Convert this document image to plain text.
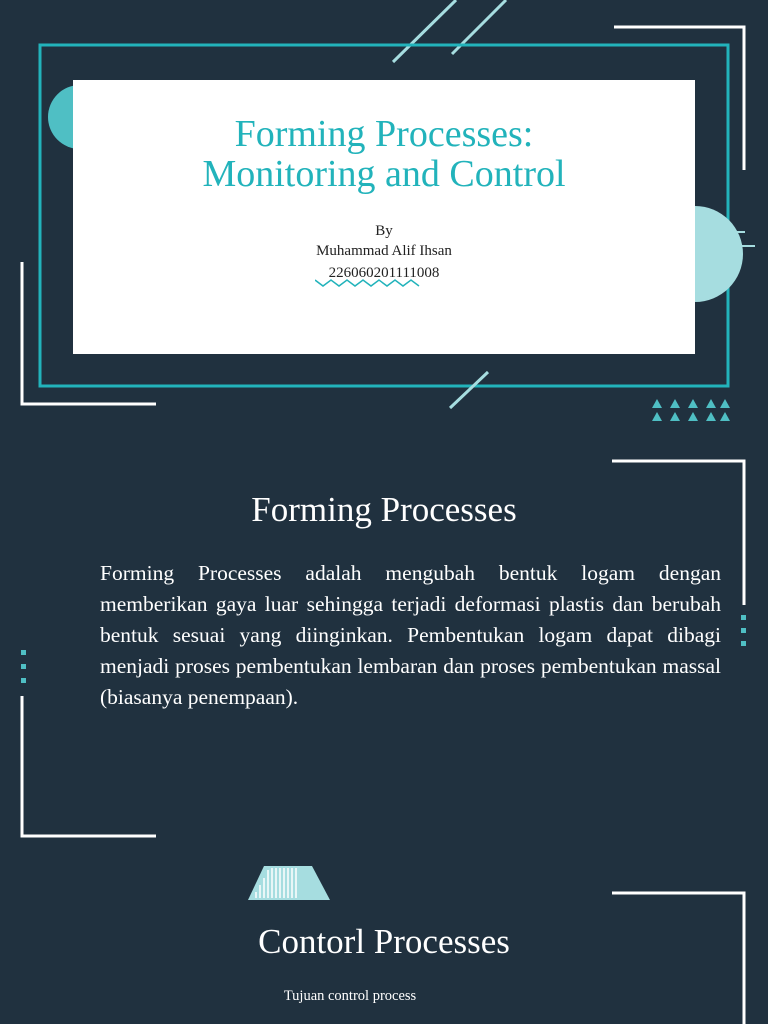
Forming Processes:
Monitoring and Control
By
Muhammad Alif Ihsan
226060201111008
Forming Processes
Forming Processes adalah mengubah bentuk logam dengan memberikan gaya luar sehingga terjadi deformasi plastis dan berubah bentuk sesuai yang diinginkan. Pembentukan logam dapat dibagi menjadi proses pembentukan lembaran dan proses pembentukan massal (biasanya penempaan).
Contorl Processes
Tujuan control process
